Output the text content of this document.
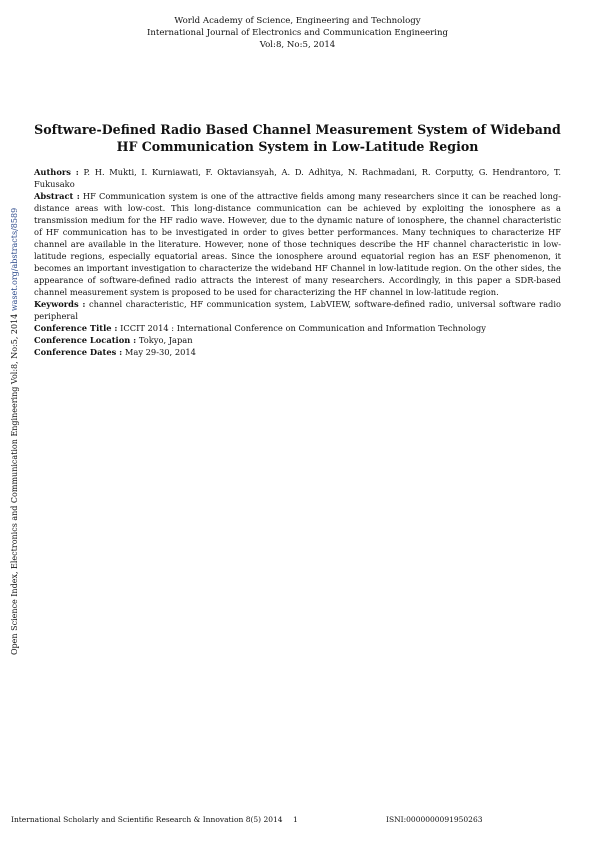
World Academy of Science, Engineering and Technology
International Journal of Electronics and Communication Engineering
Vol:8, No:5, 2014
Open Science Index, Electronics and Communication Engineering Vol:8, No:5, 2014 waset.org/abstracts/8589
Software-Defined Radio Based Channel Measurement System of Wideband
HF Communication System in Low-Latitude Region

Authors : P. H. Mukti, I. Kurniawati, F. Oktaviansyah, A. D. Adhitya, N. Rachmadani, R. Corputty, G. Hendrantoro, T. Fukusako

Abstract : HF Communication system is one of the attractive fields among many researchers since it can be reached long-distance areas with low-cost. This long-distance communication can be achieved by exploiting the ionosphere as a transmission medium for the HF radio wave. However, due to the dynamic nature of ionosphere, the channel characteristic of HF communication has to be investigated in order to gives better performances. Many techniques to characterize HF channel are available in the literature. However, none of those techniques describe the HF channel characteristic in low-latitude regions, especially equatorial areas. Since the ionosphere around equatorial region has an ESF phenomenon, it becomes an important investigation to characterize the wideband HF Channel in low-latitude region. On the other sides, the appearance of software-defined radio attracts the interest of many researchers. Accordingly, in this paper a SDR-based channel measurement system is proposed to be used for characterizing the HF channel in low-latitude region.

Keywords : channel characteristic, HF communication system, LabVIEW, software-defined radio, universal software radio peripheral

Conference Title : ICCIT 2014 : International Conference on Communication and Information Technology

Conference Location : Tokyo, Japan

Conference Dates : May 29-30, 2014

International Scholarly and Scientific Research & Innovation 8(5) 2014 1	ISNI:0000000091950263
